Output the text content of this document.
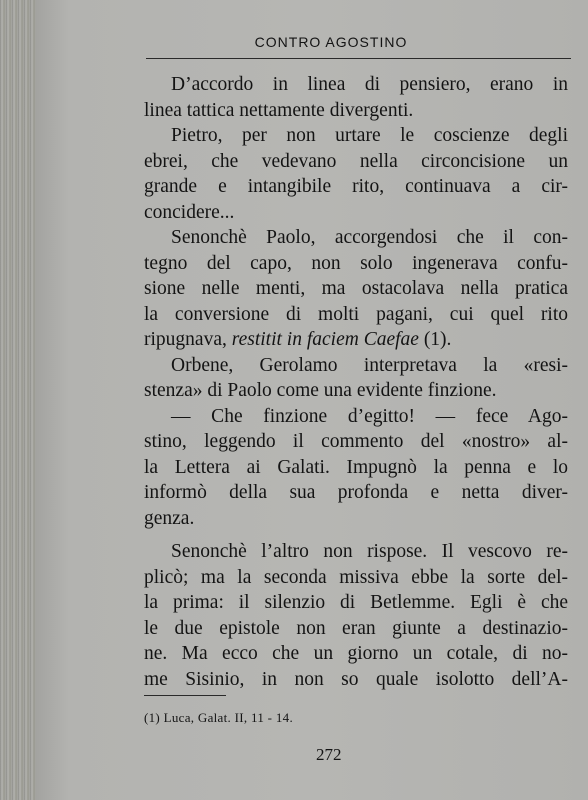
CONTRO AGOSTINO
D’accordo in linea di pensiero, erano in
linea tattica nettamente divergenti.
Pietro, per non urtare le coscienze degli
ebrei, che vedevano nella circoncisione un
grande e intangibile rito, continuava a cir-
concidere...
Senonchè Paolo, accorgendosi che il con-
tegno del capo, non solo ingenerava confu-
sione nelle menti, ma ostacolava nella pratica
la conversione di molti pagani, cui quel rito
ripugnava, restitit in faciem Caefae (1).
Orbene, Gerolamo interpretava la «resi-
stenza» di Paolo come una evidente finzione.
— Che finzione d’egitto! — fece Ago-
stino, leggendo il commento del «nostro» al-
la Lettera ai Galati. Impugnò la penna e lo
informò della sua profonda e netta diver-
genza.
Senonchè l’altro non rispose. Il vescovo re-
plicò; ma la seconda missiva ebbe la sorte del-
la prima: il silenzio di Betlemme. Egli è che
le due epistole non eran giunte a destinazio-
ne. Ma ecco che un giorno un cotale, di no-
me Sisinio, in non so quale isolotto dell’A-
(1) Luca, Galat. II, 11 - 14.
272
